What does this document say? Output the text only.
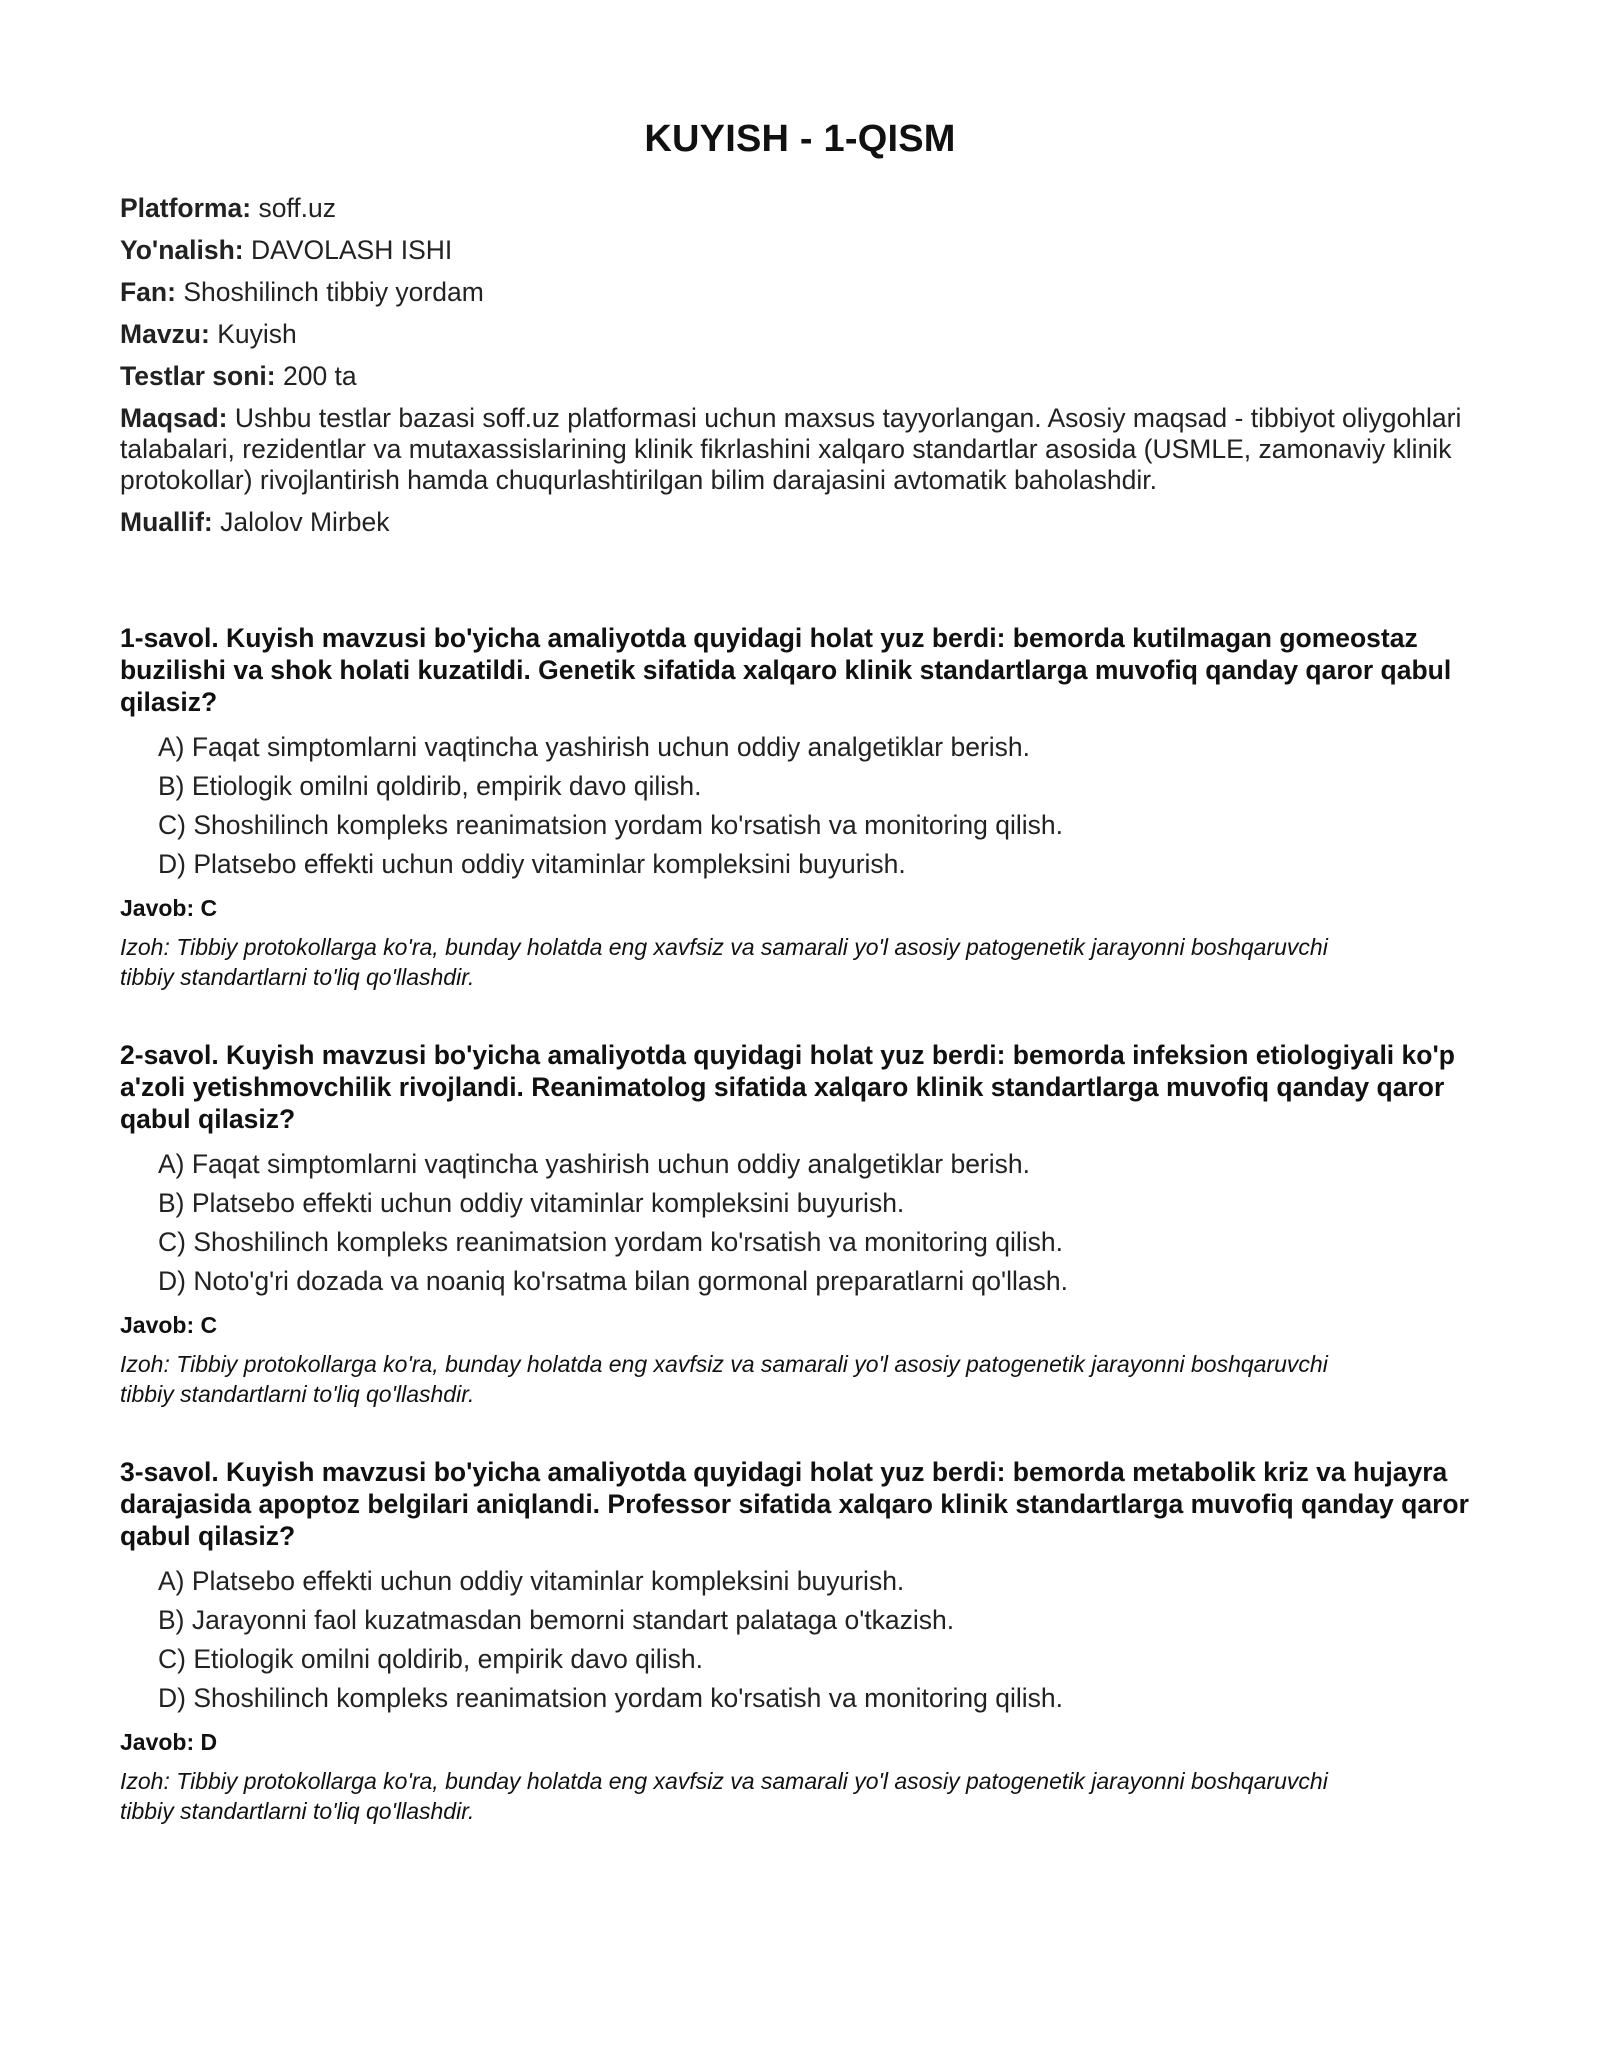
KUYISH - 1-QISM

Platforma: soff.uz

Yo'nalish: DAVOLASH ISHI

Fan: Shoshilinch tibbiy yordam

Mavzu: Kuyish

Testlar soni: 200 ta

Maqsad: Ushbu testlar bazasi soff.uz platformasi uchun maxsus tayyorlangan. Asosiy maqsad - tibbiyot oliygohlari talabalari, rezidentlar va mutaxassislarining klinik fikrlashini xalqaro standartlar asosida (USMLE, zamonaviy klinik protokollar) rivojlantirish hamda chuqurlashtirilgan bilim darajasini avtomatik baholashdir.

Muallif: Jalolov Mirbek

1-savol. Kuyish mavzusi bo'yicha amaliyotda quyidagi holat yuz berdi: bemorda kutilmagan gomeostaz buzilishi va shok holati kuzatildi. Genetik sifatida xalqaro klinik standartlarga muvofiq qanday qaror qabul qilasiz?

A) Faqat simptomlarni vaqtincha yashirish uchun oddiy analgetiklar berish.
B) Etiologik omilni qoldirib, empirik davo qilish.
C) Shoshilinch kompleks reanimatsion yordam ko'rsatish va monitoring qilish.
D) Platsebo effekti uchun oddiy vitaminlar kompleksini buyurish.

Javob: C

Izoh: Tibbiy protokollarga ko'ra, bunday holatda eng xavfsiz va samarali yo'l asosiy patogenetik jarayonni boshqaruvchi tibbiy standartlarni to'liq qo'llashdir.

2-savol. Kuyish mavzusi bo'yicha amaliyotda quyidagi holat yuz berdi: bemorda infeksion etiologiyali ko'p a'zoli yetishmovchilik rivojlandi. Reanimatolog sifatida xalqaro klinik standartlarga muvofiq qanday qaror qabul qilasiz?

A) Faqat simptomlarni vaqtincha yashirish uchun oddiy analgetiklar berish.
B) Platsebo effekti uchun oddiy vitaminlar kompleksini buyurish.
C) Shoshilinch kompleks reanimatsion yordam ko'rsatish va monitoring qilish.
D) Noto'g'ri dozada va noaniq ko'rsatma bilan gormonal preparatlarni qo'llash.

Javob: C

Izoh: Tibbiy protokollarga ko'ra, bunday holatda eng xavfsiz va samarali yo'l asosiy patogenetik jarayonni boshqaruvchi tibbiy standartlarni to'liq qo'llashdir.

3-savol. Kuyish mavzusi bo'yicha amaliyotda quyidagi holat yuz berdi: bemorda metabolik kriz va hujayra darajasida apoptoz belgilari aniqlandi. Professor sifatida xalqaro klinik standartlarga muvofiq qanday qaror qabul qilasiz?

A) Platsebo effekti uchun oddiy vitaminlar kompleksini buyurish.
B) Jarayonni faol kuzatmasdan bemorni standart palataga o'tkazish.
C) Etiologik omilni qoldirib, empirik davo qilish.
D) Shoshilinch kompleks reanimatsion yordam ko'rsatish va monitoring qilish.

Javob: D

Izoh: Tibbiy protokollarga ko'ra, bunday holatda eng xavfsiz va samarali yo'l asosiy patogenetik jarayonni boshqaruvchi tibbiy standartlarni to'liq qo'llashdir.
